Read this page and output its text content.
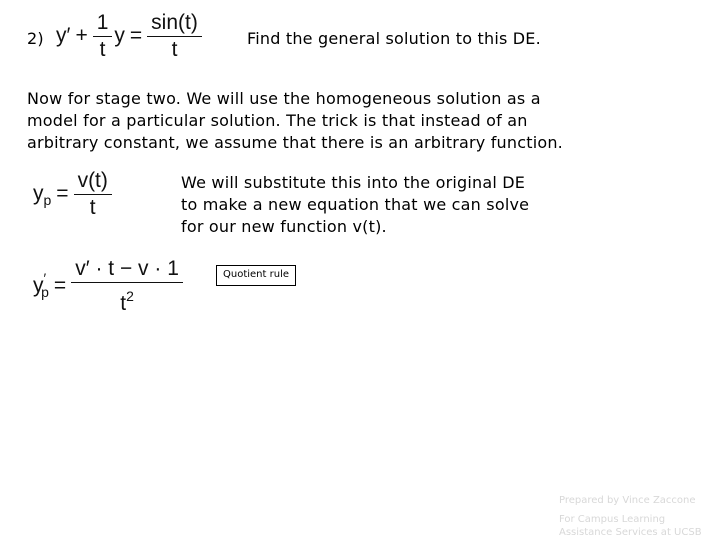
2) $y' + \frac{1}{t}$ $y = \frac{\sin(t)}{t}$	Find the general solution to this DE.
Now for stage two. We will use the homogeneous solution as a
model for a particular solution. The trick is that instead of an
arbitrary constant, we assume that there is an arbitrary function.
$y_p = \frac{v(t)}{t}$	We will substitute this into the original DE
to make a new equation that we can solve
for our new function v(t).
$y'_p = \frac{v' \cdot t - v \cdot 1}{t^2}$	Quotient rule
Prepared by Vince Zaccone
For Campus Learning
Assistance Services at UCSB
